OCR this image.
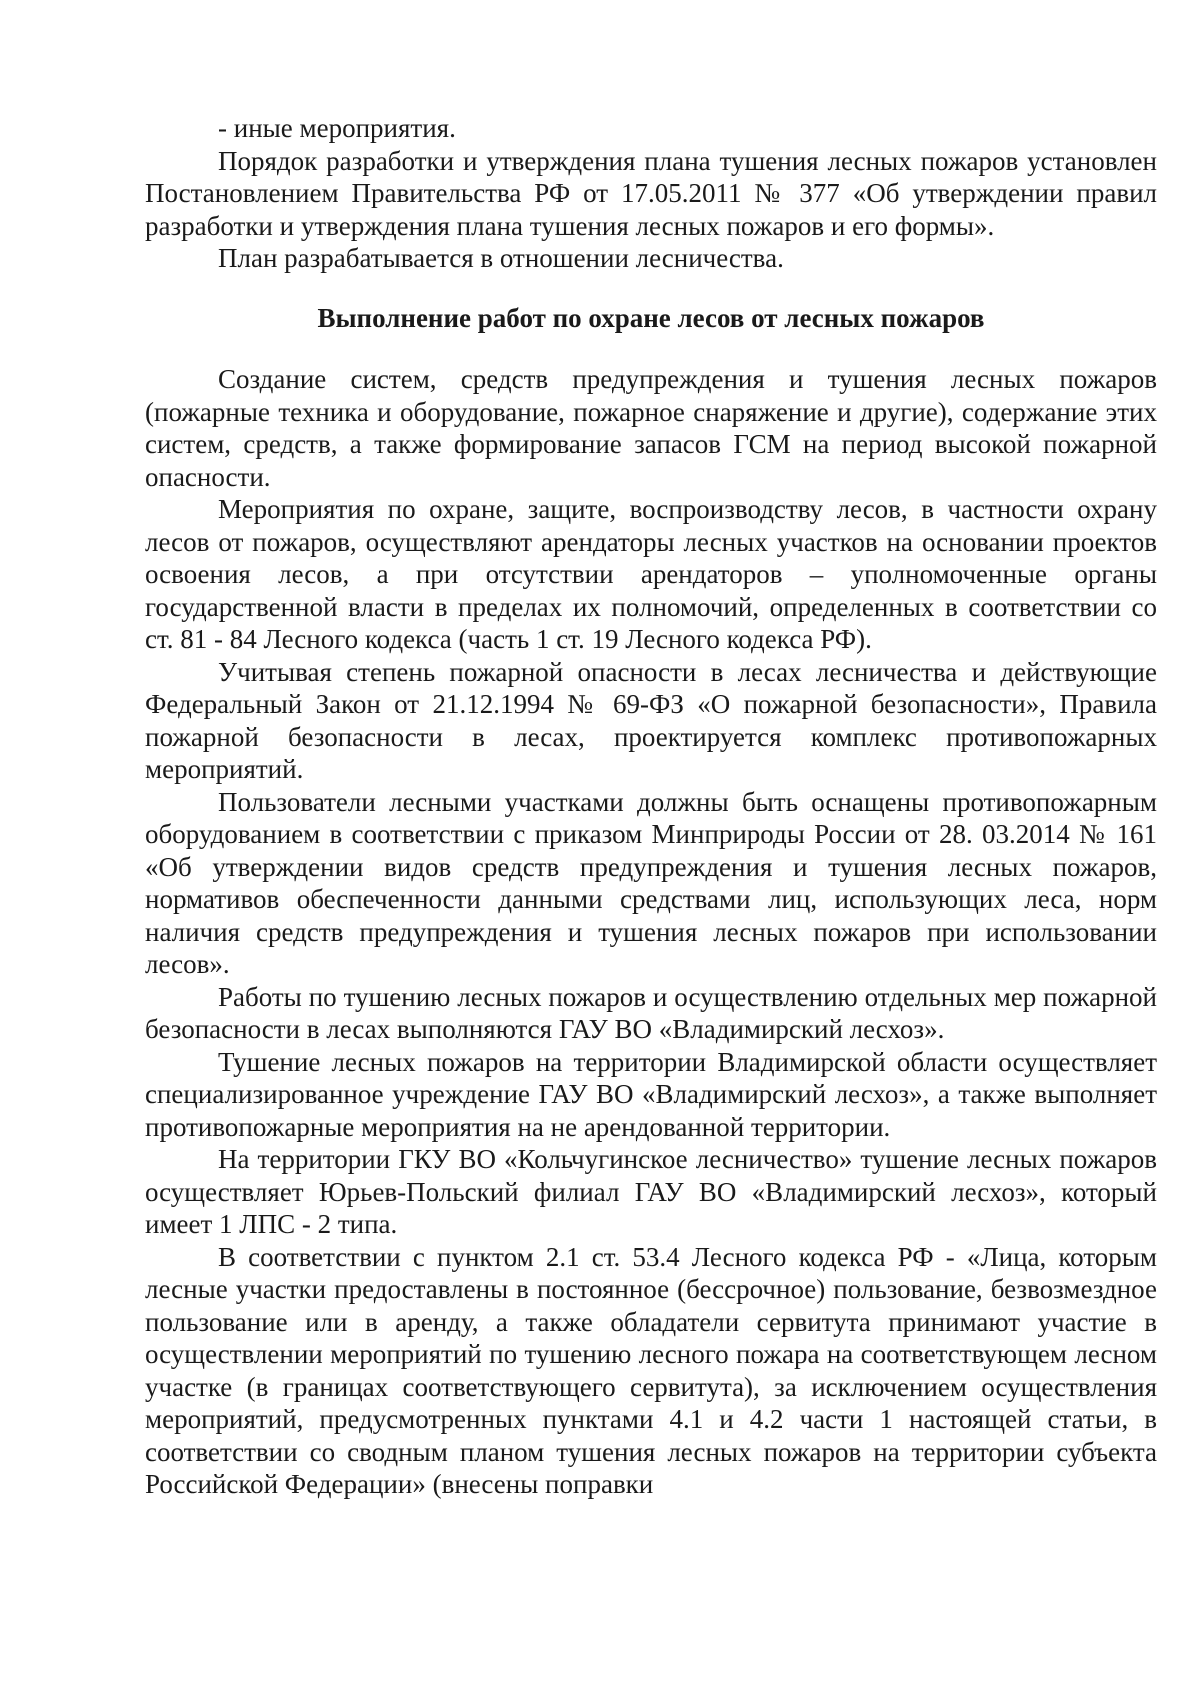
- иные мероприятия.

Порядок разработки и утверждения плана тушения лесных пожаров установлен Постановлением Правительства РФ от 17.05.2011 № 377 «Об утверждении правил разработки и утверждения плана тушения лесных пожаров и его формы».

План разрабатывается в отношении лесничества.

Выполнение работ по охране лесов от лесных пожаров

Создание систем, средств предупреждения и тушения лесных пожаров (пожарные техника и оборудование, пожарное снаряжение и другие), содержание этих систем, средств, а также формирование запасов ГСМ на период высокой пожарной опасности.

Мероприятия по охране, защите, воспроизводству лесов, в частности охрану лесов от пожаров, осуществляют арендаторы лесных участков на основании проектов освоения лесов, а при отсутствии арендаторов – уполномоченные органы государственной власти в пределах их полномочий, определенных в соответствии со ст. 81 - 84 Лесного кодекса (часть 1 ст. 19 Лесного кодекса РФ).

Учитывая степень пожарной опасности в лесах лесничества и действующие Федеральный Закон от 21.12.1994 № 69-ФЗ «О пожарной безопасности», Правила пожарной безопасности в лесах, проектируется комплекс противопожарных мероприятий.

Пользователи лесными участками должны быть оснащены противопожарным оборудованием в соответствии с приказом Минприроды России от 28. 03.2014 № 161 «Об утверждении видов средств предупреждения и тушения лесных пожаров, нормативов обеспеченности данными средствами лиц, использующих леса, норм наличия средств предупреждения и тушения лесных пожаров при использовании лесов».

Работы по тушению лесных пожаров и осуществлению отдельных мер пожарной безопасности в лесах выполняются ГАУ ВО «Владимирский лесхоз».

Тушение лесных пожаров на территории Владимирской области осуществляет специализированное учреждение ГАУ ВО «Владимирский лесхоз», а также выполняет противопожарные мероприятия на не арендованной территории.

На территории ГКУ ВО «Кольчугинское лесничество» тушение лесных пожаров осуществляет Юрьев-Польский филиал ГАУ ВО «Владимирский лесхоз», который имеет 1 ЛПС - 2 типа.

В соответствии с пунктом 2.1 ст. 53.4 Лесного кодекса РФ - «Лица, которым лесные участки предоставлены в постоянное (бессрочное) пользование, безвозмездное пользование или в аренду, а также обладатели сервитута принимают участие в осуществлении мероприятий по тушению лесного пожара на соответствующем лесном участке (в границах соответствующего сервитута), за исключением осуществления мероприятий, предусмотренных пунктами 4.1 и 4.2 части 1 настоящей статьи, в соответствии со сводным планом тушения лесных пожаров на территории субъекта Российской Федерации» (внесены поправки
